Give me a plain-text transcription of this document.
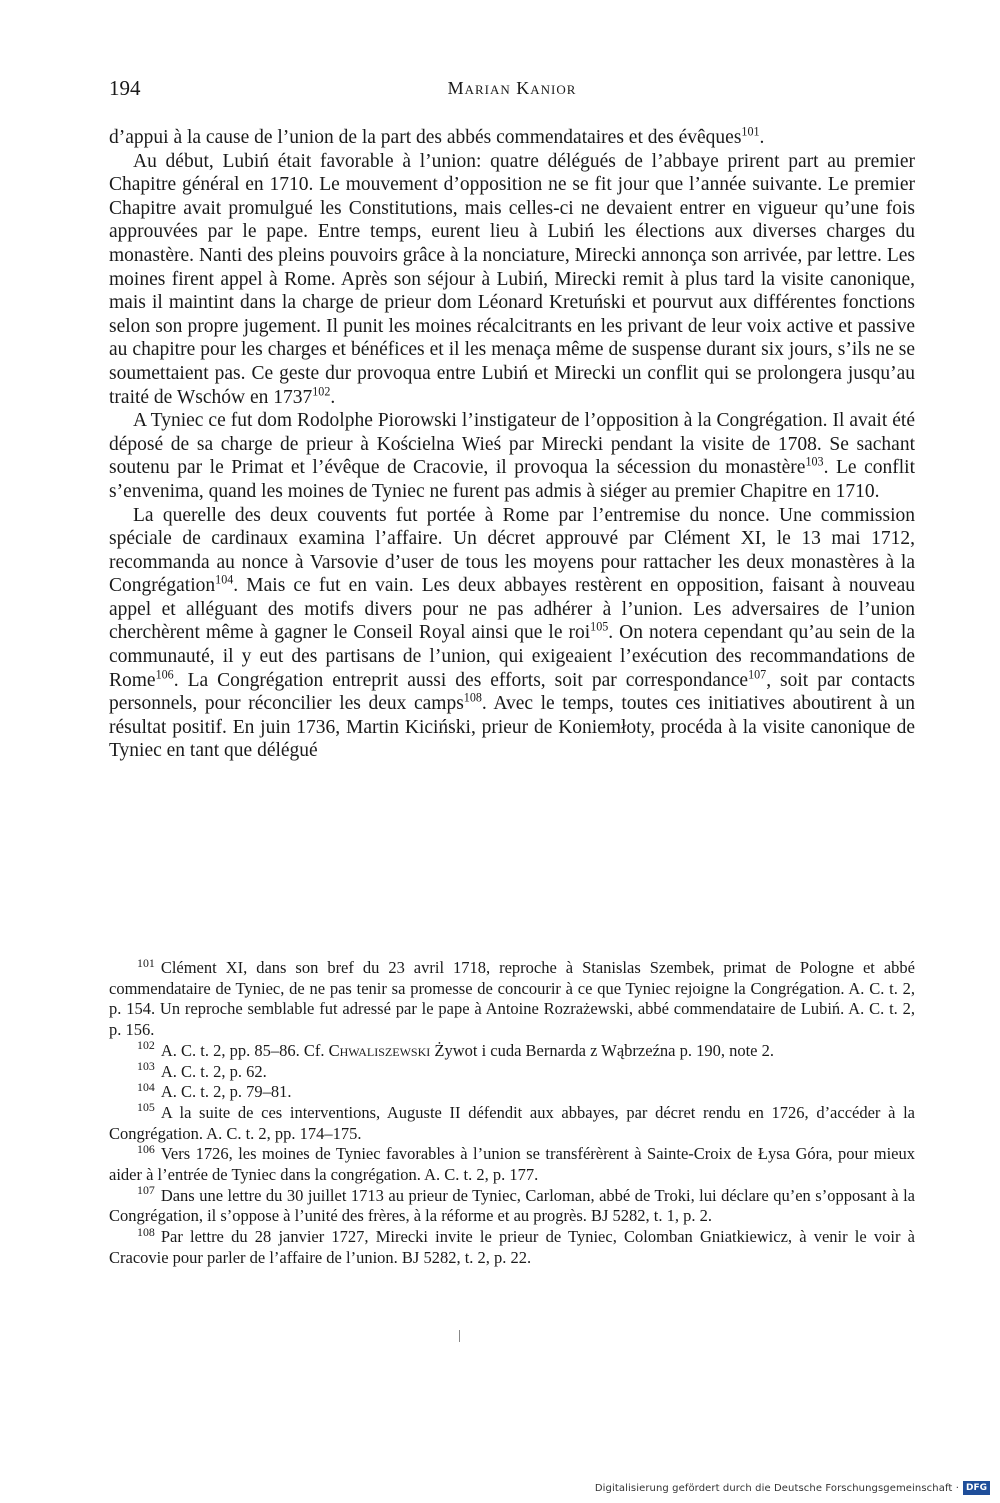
194	Marian Kanior

d’appui à la cause de l’union de la part des abbés commendataires et des évêques$^{101}$.

Au début, Lubiń était favorable à l’union: quatre délégués de l’abbaye prirent part au premier Chapitre général en 1710. Le mouvement d’opposition ne se fit jour que l’année suivante. Le premier Chapitre avait promulgué les Constitutions, mais celles-ci ne devaient entrer en vigueur qu’une fois approuvées par le pape. Entre temps, eurent lieu à Lubiń les élections aux diverses charges du monastère. Nanti des pleins pouvoirs grâce à la nonciature, Mirecki annonça son arrivée, par lettre. Les moines firent appel à Rome. Après son séjour à Lubiń, Mirecki remit à plus tard la visite canonique, mais il maintint dans la charge de prieur dom Léonard Kretuński et pourvut aux différentes fonctions selon son propre jugement. Il punit les moines récalcitrants en les privant de leur voix active et passive au chapitre pour les charges et bénéfices et il les menaça même de suspense durant six jours, s’ils ne se soumettaient pas. Ce geste dur provoqua entre Lubiń et Mirecki un conflit qui se prolongera jusqu’au traité de Wschów en 1737$^{102}$.

A Tyniec ce fut dom Rodolphe Piorowski l’instigateur de l’opposition à la Congrégation. Il avait été déposé de sa charge de prieur à Kościelna Wieś par Mirecki pendant la visite de 1708. Se sachant soutenu par le Primat et l’évêque de Cracovie, il provoqua la sécession du monastère$^{103}$. Le conflit s’envenima, quand les moines de Tyniec ne furent pas admis à siéger au premier Chapitre en 1710.

La querelle des deux couvents fut portée à Rome par l’entremise du nonce. Une commission spéciale de cardinaux examina l’affaire. Un décret approuvé par Clément XI, le 13 mai 1712, recommanda au nonce à Varsovie d’user de tous les moyens pour rattacher les deux monastères à la Congrégation$^{104}$. Mais ce fut en vain. Les deux abbayes restèrent en opposition, faisant à nouveau appel et alléguant des motifs divers pour ne pas adhérer à l’union. Les adversaires de l’union cherchèrent même à gagner le Conseil Royal ainsi que le roi$^{105}$. On notera cependant qu’au sein de la communauté, il y eut des partisans de l’union, qui exigeaient l’exécution des recommandations de Rome$^{106}$. La Congrégation entreprit aussi des efforts, soit par correspondance$^{107}$, soit par contacts personnels, pour réconcilier les deux camps$^{108}$. Avec le temps, toutes ces initiatives aboutirent à un résultat positif. En juin 1736, Martin Kiciński, prieur de Koniemłoty, procéda à la visite canonique de Tyniec en tant que délégué

$^{101}$ Clément XI, dans son bref du 23 avril 1718, reproche à Stanislas Szembek, primat de Pologne et abbé commendataire de Tyniec, de ne pas tenir sa promesse de concourir à ce que Tyniec rejoigne la Congrégation. A. C. t. 2, p. 154. Un reproche semblable fut adressé par le pape à Antoine Rozrażewski, abbé commendataire de Lubiń. A. C. t. 2, p. 156.

$^{102}$ A. C. t. 2, pp. 85–86. Cf. Chwaliszewski Żywot i cuda Bernarda z Wąbrzeźna p. 190, note 2.

$^{103}$ A. C. t. 2, p. 62.

$^{104}$ A. C. t. 2, p. 79–81.

$^{105}$ A la suite de ces interventions, Auguste II défendit aux abbayes, par décret rendu en 1726, d’accéder à la Congrégation. A. C. t. 2, pp. 174–175.

$^{106}$ Vers 1726, les moines de Tyniec favorables à l’union se transférèrent à Sainte-Croix de Łysa Góra, pour mieux aider à l’entrée de Tyniec dans la congrégation. A. C. t. 2, p. 177.

$^{107}$ Dans une lettre du 30 juillet 1713 au prieur de Tyniec, Carloman, abbé de Troki, lui déclare qu’en s’opposant à la Congrégation, il s’oppose à l’unité des frères, à la réforme et au progrès. BJ 5282, t. 1, p. 2.

$^{108}$ Par lettre du 28 janvier 1727, Mirecki invite le prieur de Tyniec, Colomban Gniatkiewicz, à venir le voir à Cracovie pour parler de l’affaire de l’union. BJ 5282, t. 2, p. 22.

Digitalisierung gefördert durch die Deutsche Forschungsgemeinschaft · DFG
